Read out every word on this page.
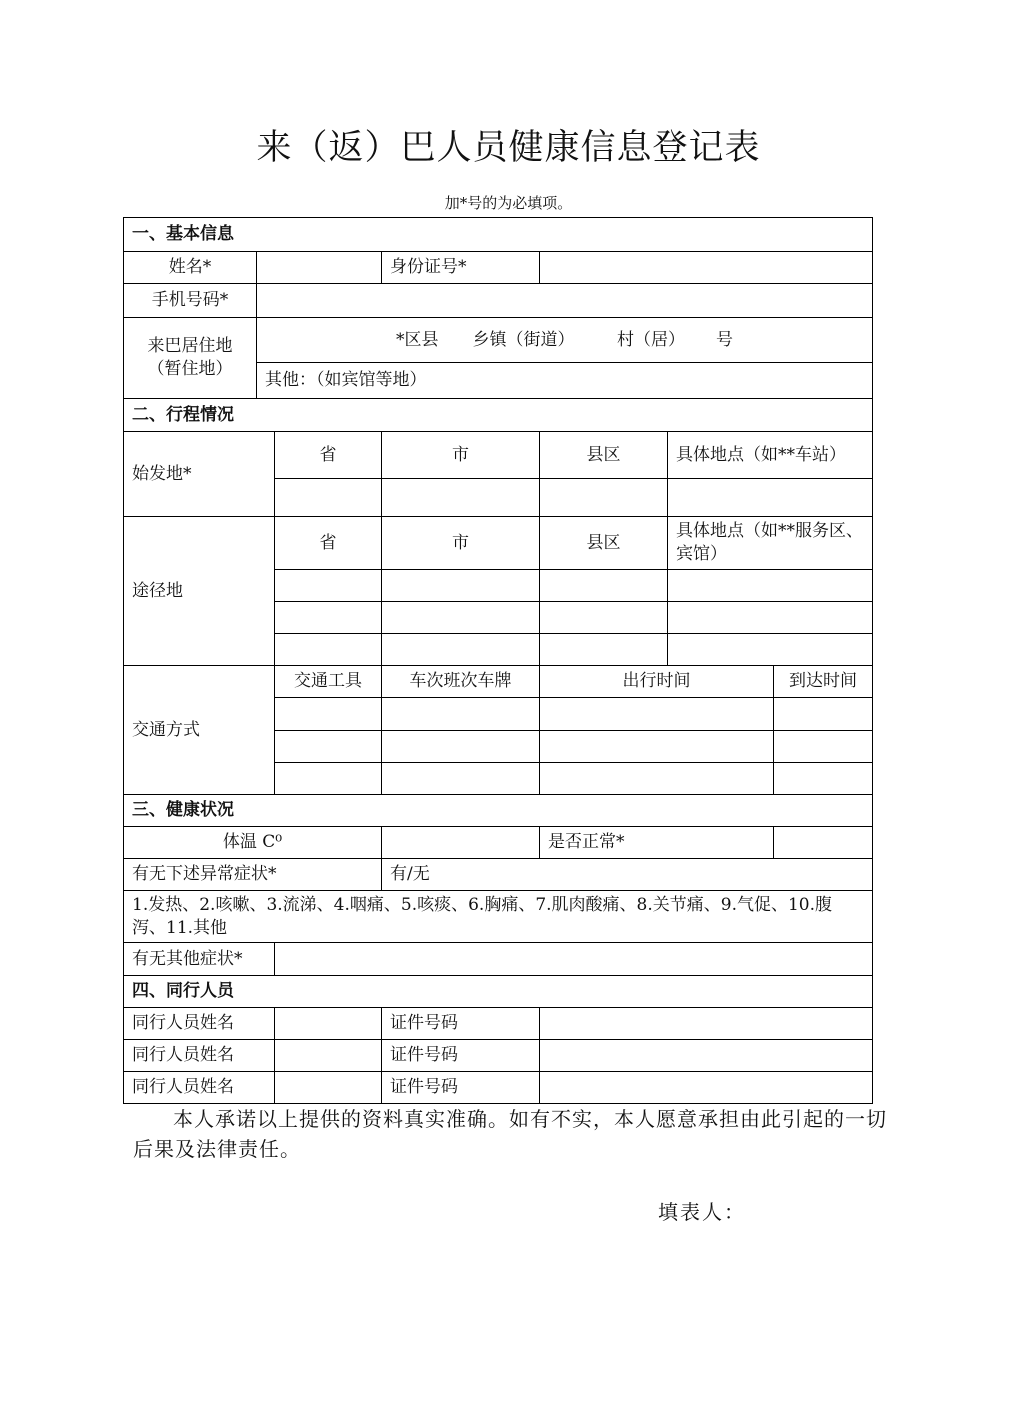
来（返）巴人员健康信息登记表
加*号的为必填项。
一、基本信息						
姓名*			身份证号*			
手机号码*						
来巴居住地（暂住地）	*区县　　乡镇（街道）　　　村（居）　　 号					
	其他：（如宾馆等地）					
二、行程情况						
始发地*		省	市	县区	具体地点（如**车站）	

途径地		省	市	县区	具体地点（如**服务区、宾馆）	

交通方式		交通工具	车次班次车牌	出行时间		到达时间

三、健康状况						
体温 C⁰				是否正常*		
有无下述异常症状*			有/无			
1.发热、2.咳嗽、3.流涕、4.咽痛、5.咳痰、6.胸痛、7.肌肉酸痛、8.关节痛、9.气促、10.腹泻、11.其他						
有无其他症状*						
四、同行人员						
同行人员姓名			证件号码			
同行人员姓名			证件号码			
同行人员姓名			证件号码			
本人承诺以上提供的资料真实准确。如有不实，本人愿意承担由此引起的一切后果及法律责任。
填表人：
